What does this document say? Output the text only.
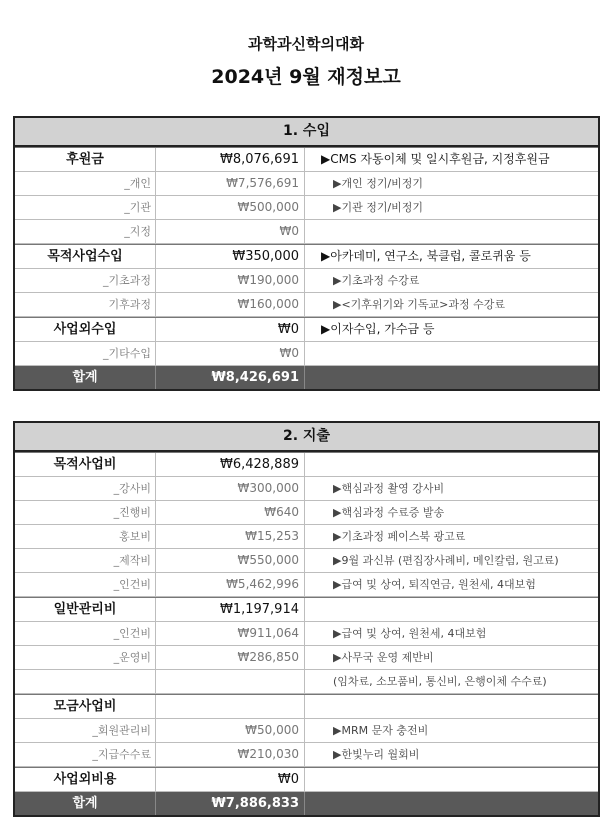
과학과신학의대화
2024년 9월 재정보고
1. 수입
후원금	₩8,076,691	▶CMS 자동이체 및 일시후원금, 지정후원금
_개인	₩7,576,691	▶개인 정기/비정기
_기관	₩500,000	▶기관 정기/비정기
_지정	₩0
목적사업수입	₩350,000	▶아카데미, 연구소, 북클럽, 콜로퀴움 등
_기초과정	₩190,000	▶기초과정 수강료
기후과정	₩160,000	▶<기후위기와 기독교>과정 수강료
사업외수입	₩0	▶이자수입, 가수금 등
_기타수입	₩0
합계	₩8,426,691
2. 지출
목적사업비	₩6,428,889
_강사비	₩300,000	▶핵심과정 촬영 강사비
_진행비	₩640	▶핵심과정 수료증 발송
홍보비	₩15,253	▶기초과정 페이스북 광고료
_제작비	₩550,000	▶9월 과신뷰 (편집장사례비, 메인칼럼, 원고료)
_인건비	₩5,462,996	▶급여 및 상여, 퇴직연금, 원천세, 4대보험
일반관리비	₩1,197,914
_인건비	₩911,064	▶급여 및 상여, 원천세, 4대보험
_운영비	₩286,850	▶사무국 운영 제반비
(임차료, 소모품비, 통신비, 은행이체 수수료)
모금사업비
_회원관리비	₩50,000	▶MRM 문자 충전비
_지급수수료	₩210,030	▶한빛누리 월회비
사업외비용	₩0
합계	₩7,886,833
